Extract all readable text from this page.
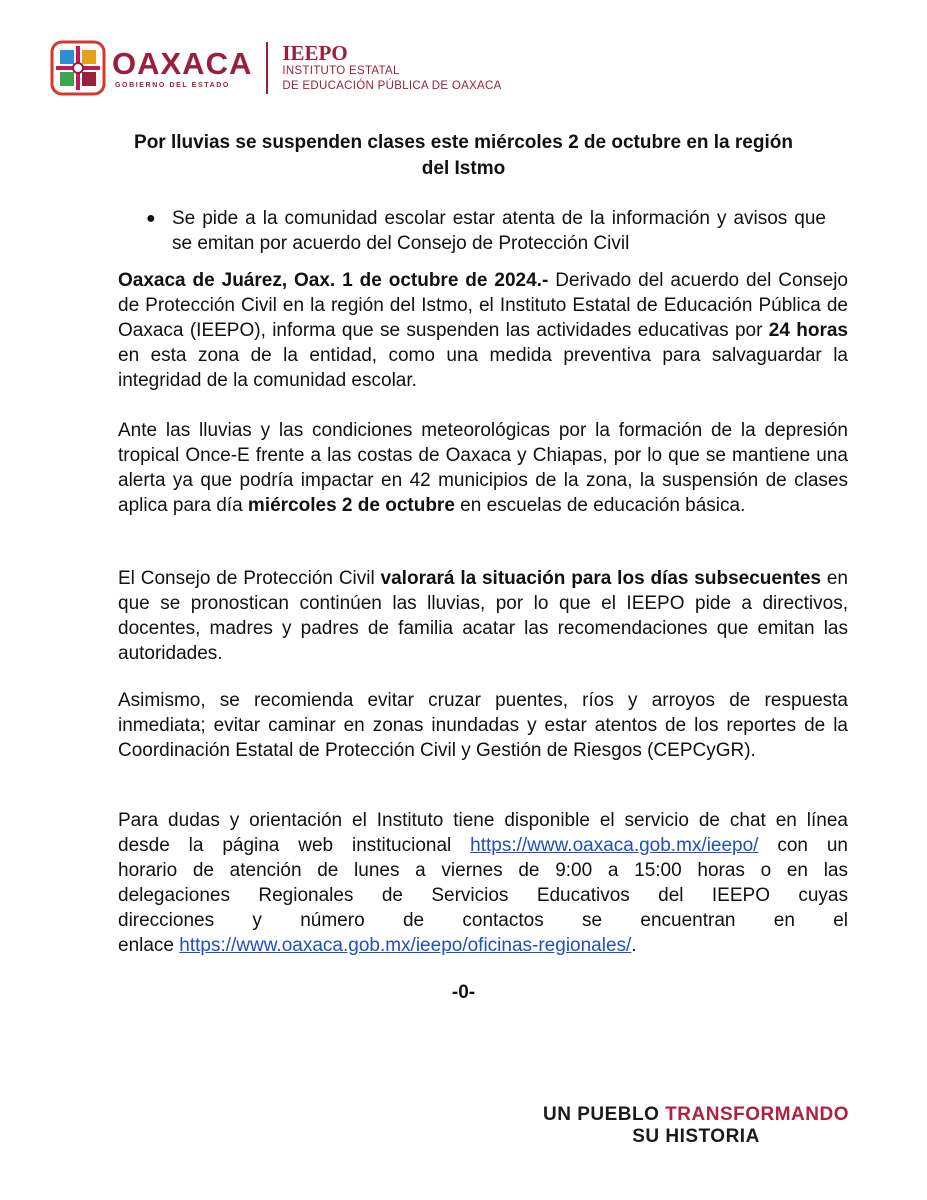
OAXACA
GOBIERNO DEL ESTADO
IEEPO
INSTITUTO ESTATAL
DE EDUCACIÓN PÚBLICA DE OAXACA
Por lluvias se suspenden clases este miércoles 2 de octubre en la región del Istmo
● Se pide a la comunidad escolar estar atenta de la información y avisos que se emitan por acuerdo del Consejo de Protección Civil

Oaxaca de Juárez, Oax. 1 de octubre de 2024.- Derivado del acuerdo del Consejo de Protección Civil en la región del Istmo, el Instituto Estatal de Educación Pública de Oaxaca (IEEPO), informa que se suspenden las actividades educativas por 24 horas en esta zona de la entidad, como una medida preventiva para salvaguardar la integridad de la comunidad escolar.

Ante las lluvias y las condiciones meteorológicas por la formación de la depresión tropical Once-E frente a las costas de Oaxaca y Chiapas, por lo que se mantiene una alerta ya que podría impactar en 42 municipios de la zona, la suspensión de clases aplica para día miércoles 2 de octubre en escuelas de educación básica.

El Consejo de Protección Civil valorará la situación para los días subsecuentes en que se pronostican continúen las lluvias, por lo que el IEEPO pide a directivos, docentes, madres y padres de familia acatar las recomendaciones que emitan las autoridades.

Asimismo, se recomienda evitar cruzar puentes, ríos y arroyos de respuesta inmediata; evitar caminar en zonas inundadas y estar atentos de los reportes de la Coordinación Estatal de Protección Civil y Gestión de Riesgos (CEPCyGR).

Para dudas y orientación el Instituto tiene disponible el servicio de chat en línea
desde la página web institucional https://www.oaxaca.gob.mx/ieepo/ con un
horario de atención de lunes a viernes de 9:00 a 15:00 horas o en las
delegaciones Regionales de Servicios Educativos del IEEPO cuyas
direcciones y número de contactos se encuentran en el
enlace https://www.oaxaca.gob.mx/ieepo/oficinas-regionales/.
-0-
UN PUEBLO TRANSFORMANDO
SU HISTORIA
